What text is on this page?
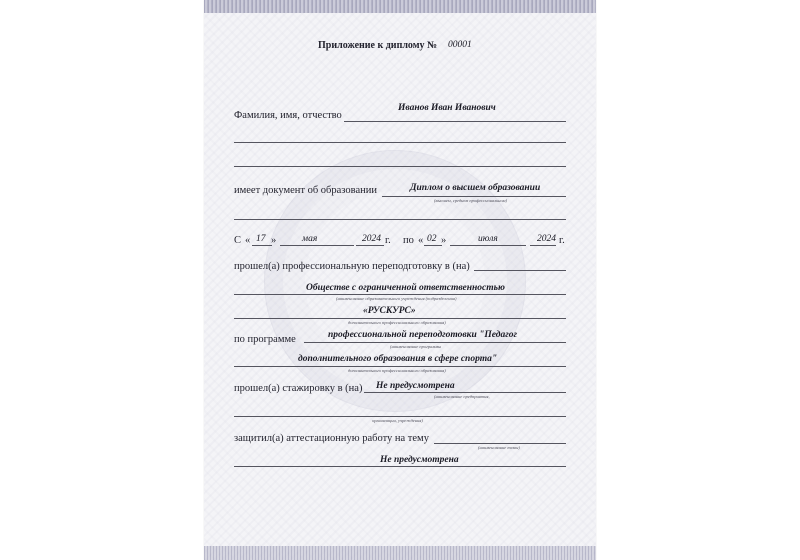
Приложение к диплому № 00001
Иванов Иван Иванович
Фамилия, имя, отчество
Диплом о высшем образовании
имеет документ об образовании
(высшем, среднем профессиональном)
С « 17 »	мая	2024 г. по « 02 »	июля	2024 г.
прошел(а) профессиональную переподготовку в (на)
Обществе с ограниченной ответственностью
(наименование образовательного учреждения (подразделения)
«РУСКУРС»
дополнительного профессионального образования)
по программе	профессиональной переподготовки "Педагог
(наименование программы
дополнительного образования в сфере спорта"
дополнительного профессионального образования)
прошел(а) стажировку в (на) Не предусмотрена
(наименование предприятия,
организации, учреждения)
защитил(а) аттестационную работу на тему
(наименование темы)
Не предусмотрена
